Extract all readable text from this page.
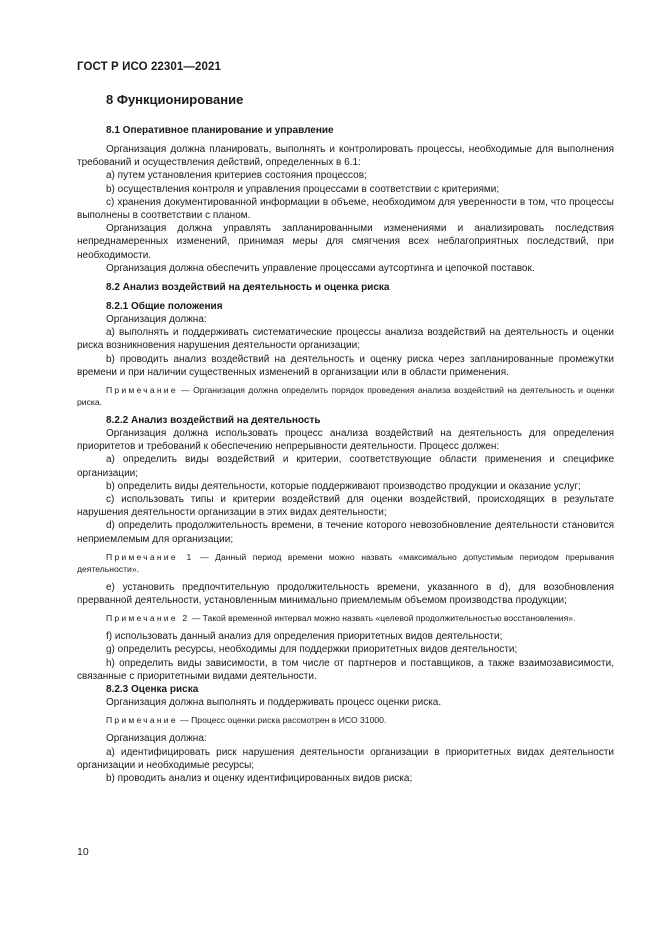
ГОСТ Р ИСО 22301—2021
8 Функционирование
8.1 Оперативное планирование и управление

Организация должна планировать, выполнять и контролировать процессы, необходимые для выполнения требований и осуществления действий, определенных в 6.1:

а) путем установления критериев состояния процессов;

b) осуществления контроля и управления процессами в соответствии с критериями;

с) хранения документированной информации в объеме, необходимом для уверенности в том, что процессы выполнены в соответствии с планом.

Организация должна управлять запланированными изменениями и анализировать последствия непреднамеренных изменений, принимая меры для смягчения всех неблагоприятных последствий, при необходимости.

Организация должна обеспечить управление процессами аутсортинга и цепочкой поставок.

8.2 Анализ воздействий на деятельность и оценка риска
8.2.1 Общие положения

Организация должна:

а) выполнять и поддерживать систематические процессы анализа воздействий на деятельность и оценки риска возникновения нарушения деятельности организации;

b) проводить анализ воздействий на деятельность и оценку риска через запланированные промежутки времени и при наличии существенных изменений в организации или в области применения.

Примечание — Организация должна определить порядок проведения анализа воздействий на деятельность и оценки риска.
8.2.2 Анализ воздействий на деятельность

Организация должна использовать процесс анализа воздействий на деятельность для определения приоритетов и требований к обеспечению непрерывности деятельности. Процесс должен:

а) определить виды воздействий и критерии, соответствующие области применения и специфике организации;

b) определить виды деятельности, которые поддерживают производство продукции и оказание услуг;

с) использовать типы и критерии воздействий для оценки воздействий, происходящих в результате нарушения деятельности организации в этих видах деятельности;

d) определить продолжительность времени, в течение которого невозобновление деятельности становится неприемлемым для организации;

Примечание 1 — Данный период времени можно назвать «максимально допустимым периодом прерывания деятельности».

е) установить предпочтительную продолжительность времени, указанного в d), для возобновления прерванной деятельности, установленным минимально приемлемым объемом производства продукции;

Примечание 2 — Такой временной интервал можно назвать «целевой продолжительностью восстановления».

f) использовать данный анализ для определения приоритетных видов деятельности;

g) определить ресурсы, необходимы для поддержки приоритетных видов деятельности;

h) определить виды зависимости, в том числе от партнеров и поставщиков, а также взаимозависимости, связанные с приоритетными видами деятельности.

8.2.3 Оценка риска

Организация должна выполнять и поддерживать процесс оценки риска.

Примечание — Процесс оценки риска рассмотрен в ИСО 31000.

Организация должна:

а) идентифицировать риск нарушения деятельности организации в приоритетных видах деятельности организации и необходимые ресурсы;

b) проводить анализ и оценку идентифицированных видов риска;

10
